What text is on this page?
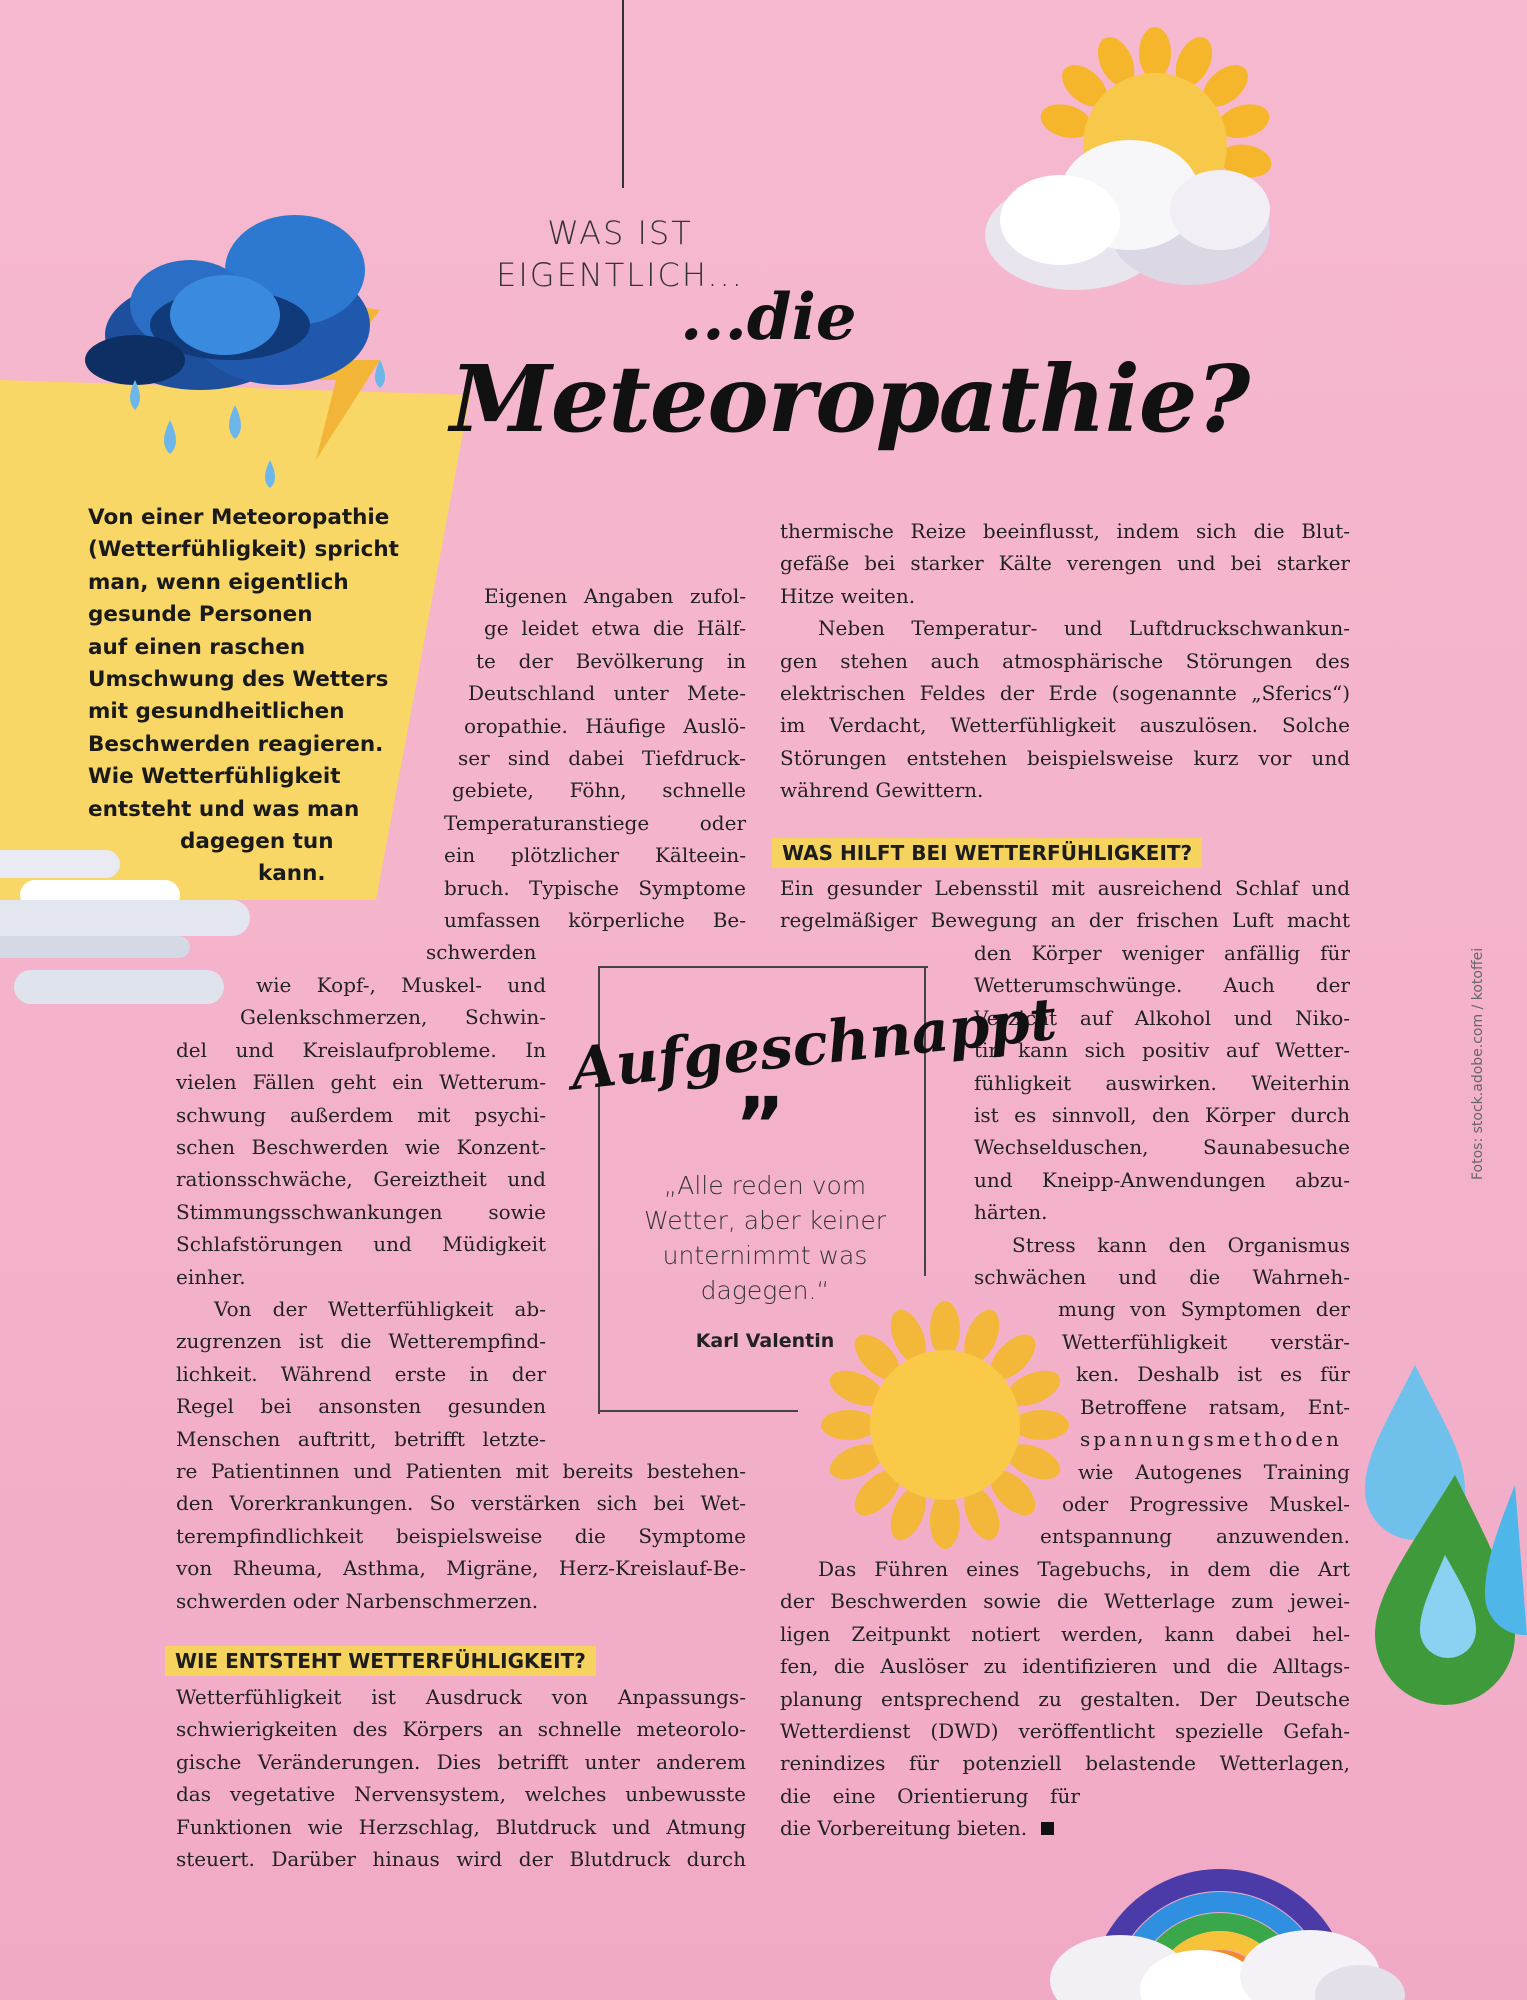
WAS IST
EIGENTLICH...
...die
Meteoropathie?
Von einer Meteoropathie
(Wetterfühligkeit) spricht
man, wenn eigentlich
gesunde Personen
auf einen raschen
Umschwung des Wetters
mit gesundheitlichen
Beschwerden reagieren.
Wie Wetterfühligkeit
entsteht und was man
dagegen tun
kann.
Eigenen Angaben zufol-
ge leidet etwa die Hälf-
te der Bevölkerung in
Deutschland unter Mete-
oropathie. Häufige Auslö-
ser sind dabei Tiefdruck-
gebiete, Föhn, schnelle
Temperaturanstiege oder
ein plötzlicher Kälteein-
bruch. Typische Symptome
umfassen körperliche Be-
schwerden
wie Kopf-, Muskel- und
Gelenkschmerzen, Schwin-
del und Kreislaufprobleme. In
vielen Fällen geht ein Wetterum-
schwung außerdem mit psychi-
schen Beschwerden wie Konzent-
rationsschwäche, Gereiztheit und
Stimmungsschwankungen sowie
Schlafstörungen und Müdigkeit
einher.
Von der Wetterfühligkeit ab-
zugrenzen ist die Wetterempfind-
lichkeit. Während erste in der
Regel bei ansonsten gesunden
Menschen auftritt, betrifft letzte-
re Patientinnen und Patienten mit bereits bestehen-
den Vorerkrankungen. So verstärken sich bei Wet-
terempfindlichkeit beispielsweise die Symptome
von Rheuma, Asthma, Migräne, Herz-Kreislauf-Be-
schwerden oder Narbenschmerzen.
WIE ENTSTEHT WETTERFÜHLIGKEIT?
Wetterfühligkeit ist Ausdruck von Anpassungs-
schwierigkeiten des Körpers an schnelle meteorolo-
gische Veränderungen. Dies betrifft unter anderem
das vegetative Nervensystem, welches unbewusste
Funktionen wie Herzschlag, Blutdruck und Atmung
steuert. Darüber hinaus wird der Blutdruck durch
thermische Reize beeinflusst, indem sich die Blut-
gefäße bei starker Kälte verengen und bei starker
Hitze weiten.
Neben Temperatur- und Luftdruckschwankun-
gen stehen auch atmosphärische Störungen des
elektrischen Feldes der Erde (sogenannte „Sferics“)
im Verdacht, Wetterfühligkeit auszulösen. Solche
Störungen entstehen beispielsweise kurz vor und
während Gewittern.
WAS HILFT BEI WETTERFÜHLIGKEIT?
Ein gesunder Lebensstil mit ausreichend Schlaf und
regelmäßiger Bewegung an der frischen Luft macht
den Körper weniger anfällig für
Wetterumschwünge. Auch der
Verzicht auf Alkohol und Niko-
tin kann sich positiv auf Wetter-
fühligkeit auswirken. Weiterhin
ist es sinnvoll, den Körper durch
Wechselduschen, Saunabesuche
und Kneipp-Anwendungen abzu-
härten.
Stress kann den Organismus
schwächen und die Wahrneh-
mung von Symptomen der
Wetterfühligkeit verstär-
ken. Deshalb ist es für
Betroffene ratsam, Ent-
spannungsmethoden
wie Autogenes Training
oder Progressive Muskel-
entspannung anzuwenden.
Das Führen eines Tagebuchs, in dem die Art
der Beschwerden sowie die Wetterlage zum jewei-
ligen Zeitpunkt notiert werden, kann dabei hel-
fen, die Auslöser zu identifizieren und die Alltags-
planung entsprechend zu gestalten. Der Deutsche
Wetterdienst (DWD) veröffentlicht spezielle Gefah-
renindizes für potenziell belastende Wetterlagen,
die eine Orientierung für
die Vorbereitung bieten.
Aufgeschnappt
”
„Alle reden vom Wetter, aber keiner unternimmt was dagegen.“
Karl Valentin
Fotos: stock.adobe.com / kotoffei
